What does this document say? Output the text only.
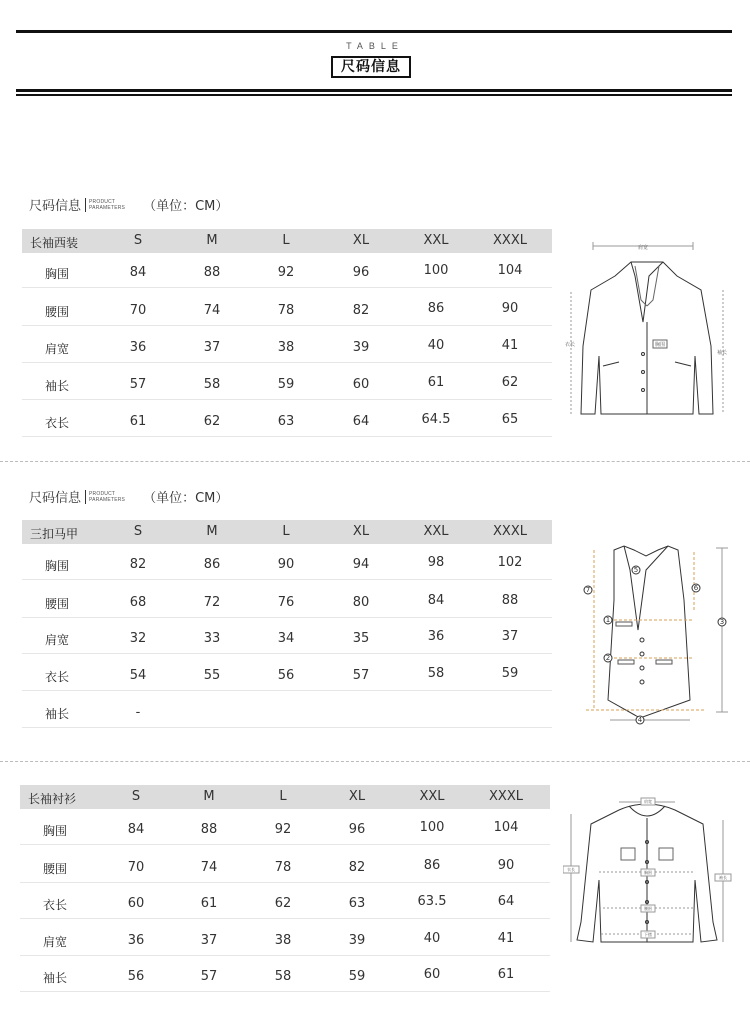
TABLE
尺码信息
尺码信息 PRODUCT
PARAMETERS （单位：CM）
长袖西装	S	M	L	XL	XXL	XXXL
胸围	84	88	92	96	100	104
腰围	70	74	78	82	86	90
肩宽	36	37	38	39	40	41
袖长	57	58	59	60	61	62
衣长	61	62	63	64	64.5	65
尺码信息 PRODUCT
PARAMETERS （单位：CM）
三扣马甲	S	M	L	XL	XXL	XXXL
胸围	82	86	90	94	98	102
腰围	68	72	76	80	84	88
肩宽	32	33	34	35	36	37
衣长	54	55	56	57	58	59
袖长	-
长袖衬衫	S	M	L	XL	XXL	XXXL
胸围	84	88	92	96	100	104
腰围	70	74	78	82	86	90
衣长	60	61	62	63	63.5	64
肩宽	36	37	38	39	40	41
袖长	56	57	58	59	60	61
肩宽
衣长
袖长
胸围
1
2
3
4
5
6
7
肩宽
衣长
袖长
胸围
腰围
下摆
